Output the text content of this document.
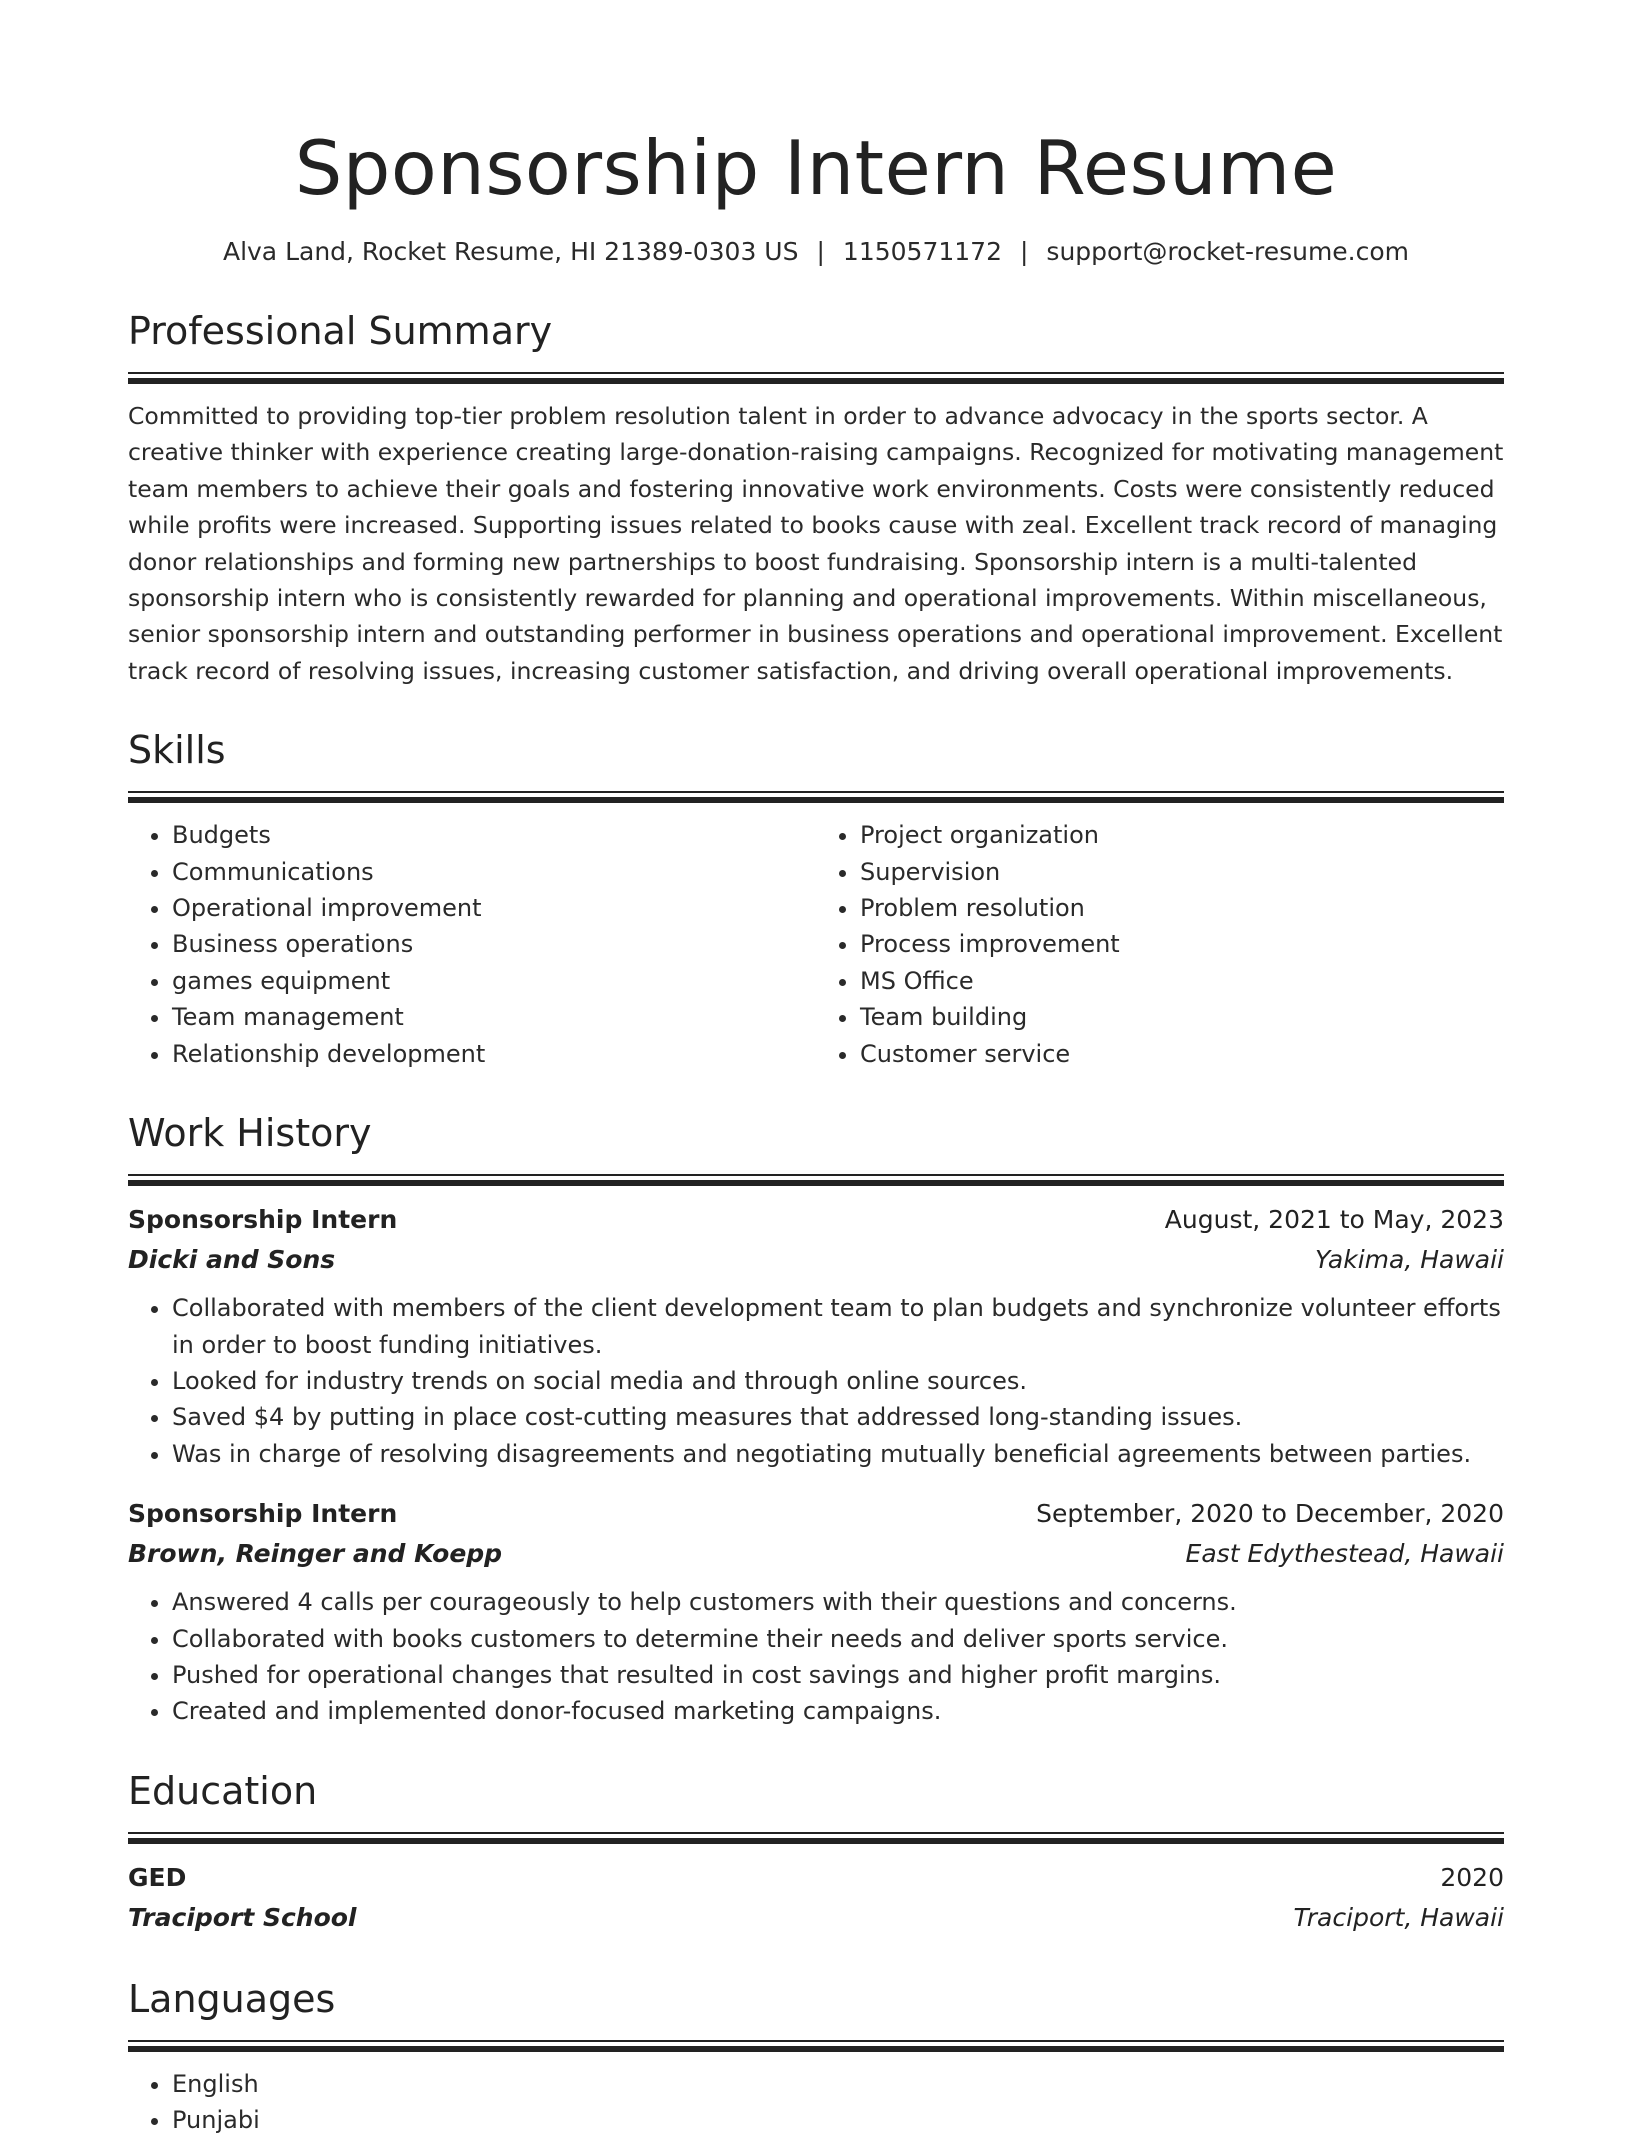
Sponsorship Intern Resume
Alva Land, Rocket Resume, HI 21389-0303 US | 1150571172 | support@rocket-resume.com
Professional Summary

Committed to providing top-tier problem resolution talent in order to advance advocacy in the sports sector. A creative thinker with experience creating large-donation-raising campaigns. Recognized for motivating management team members to achieve their goals and fostering innovative work environments. Costs were consistently reduced while profits were increased. Supporting issues related to books cause with zeal. Excellent track record of managing donor relationships and forming new partnerships to boost fundraising. Sponsorship intern is a multi-talented sponsorship intern who is consistently rewarded for planning and operational improvements. Within miscellaneous, senior sponsorship intern and outstanding performer in business operations and operational improvement. Excellent track record of resolving issues, increasing customer satisfaction, and driving overall operational improvements.

Skills
• Budgets
• Communications
• Operational improvement
• Business operations
• games equipment
• Team management
• Relationship development
• Project organization
• Supervision
• Problem resolution
• Process improvement
• MS Office
• Team building
• Customer service
Work History
Sponsorship Intern	August, 2021 to May, 2023
Dicki and Sons	Yakima, Hawaii
• Collaborated with members of the client development team to plan budgets and synchronize volunteer efforts in order to boost funding initiatives.
• Looked for industry trends on social media and through online sources.
• Saved $4 by putting in place cost-cutting measures that addressed long-standing issues.
• Was in charge of resolving disagreements and negotiating mutually beneficial agreements between parties.
Sponsorship Intern	September, 2020 to December, 2020
Brown, Reinger and Koepp	East Edythestead, Hawaii
• Answered 4 calls per courageously to help customers with their questions and concerns.
• Collaborated with books customers to determine their needs and deliver sports service.
• Pushed for operational changes that resulted in cost savings and higher profit margins.
• Created and implemented donor-focused marketing campaigns.
Education
GED	2020
Traciport School	Traciport, Hawaii
Languages
• English
• Punjabi
